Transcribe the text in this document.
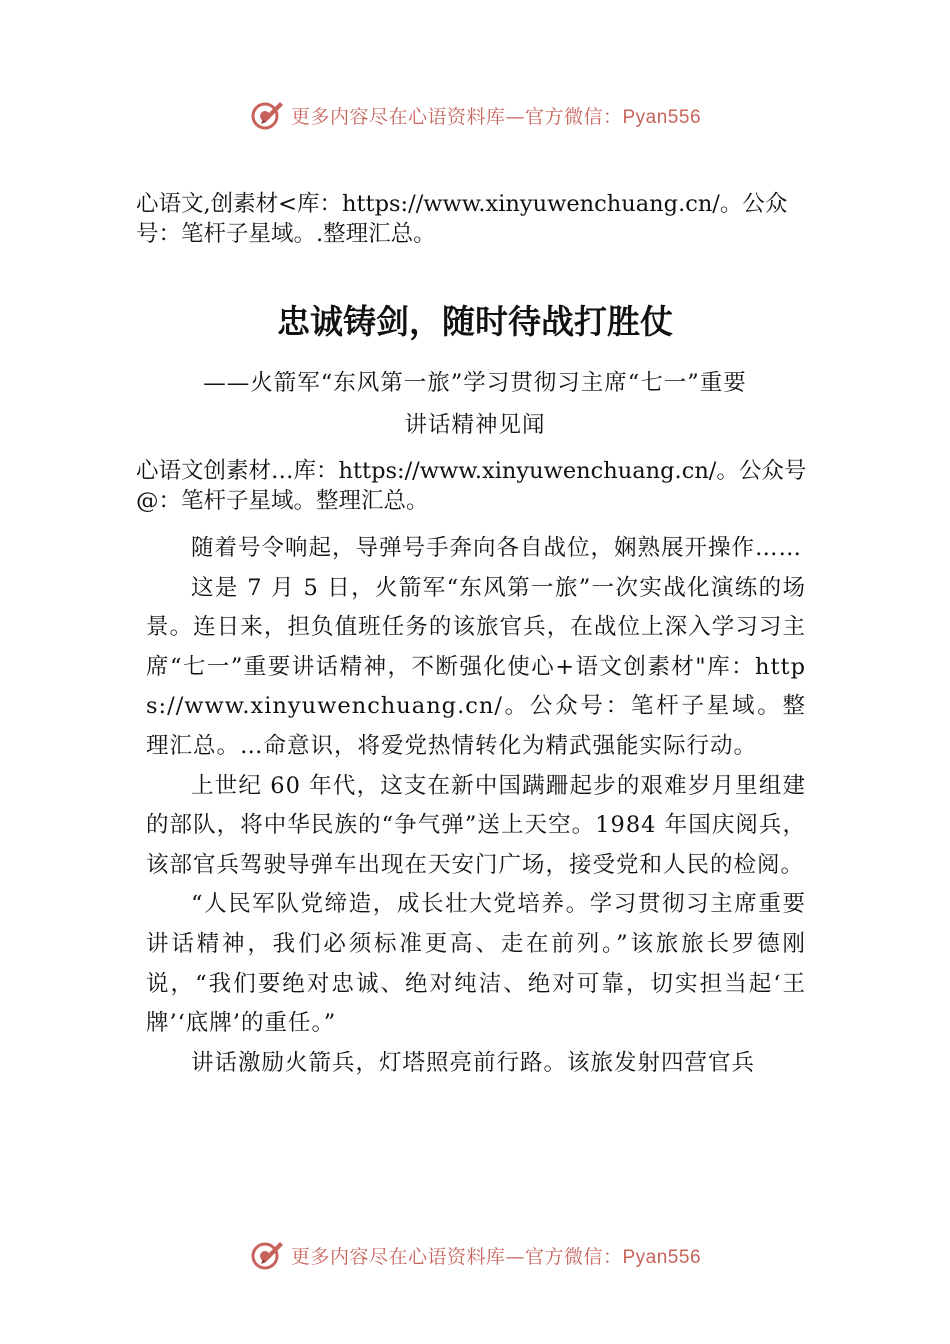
更多内容尽在心语资料库—官方微信：Pyan556

心语文,创素材<库：https://www.xinyuwenchuang.cn/。公众号：笔杆子星域。.整理汇总。

忠诚铸剑，随时待战打胜仗

——火箭军“东风第一旅”学习贯彻习主席“七一”重要

讲话精神见闻

心语文创素材…库：https://www.xinyuwenchuang.cn/。公众号@：笔杆子星域。整理汇总。

随着号令响起，导弹号手奔向各自战位，娴熟展开操作……

这是 7 月 5 日，火箭军“东风第一旅”一次实战化演练的场景。连日来，担负值班任务的该旅官兵，在战位上深入学习习主席“七一”重要讲话精神，不断强化使心+语文创素材"库：https://www.xinyuwenchuang.cn/。公众号：笔杆子星域。整理汇总。…命意识，将爱党热情转化为精武强能实际行动。

上世纪 60 年代，这支在新中国蹒跚起步的艰难岁月里组建的部队，将中华民族的“争气弹”送上天空。1984 年国庆阅兵，该部官兵驾驶导弹车出现在天安门广场，接受党和人民的检阅。

“人民军队党缔造，成长壮大党培养。学习贯彻习主席重要讲话精神，我们必须标准更高、走在前列。”该旅旅长罗德刚说，“我们要绝对忠诚、绝对纯洁、绝对可靠，切实担当起‘王牌’‘底牌’的重任。”

讲话激励火箭兵，灯塔照亮前行路。该旅发射四营官兵

更多内容尽在心语资料库—官方微信：Pyan556
